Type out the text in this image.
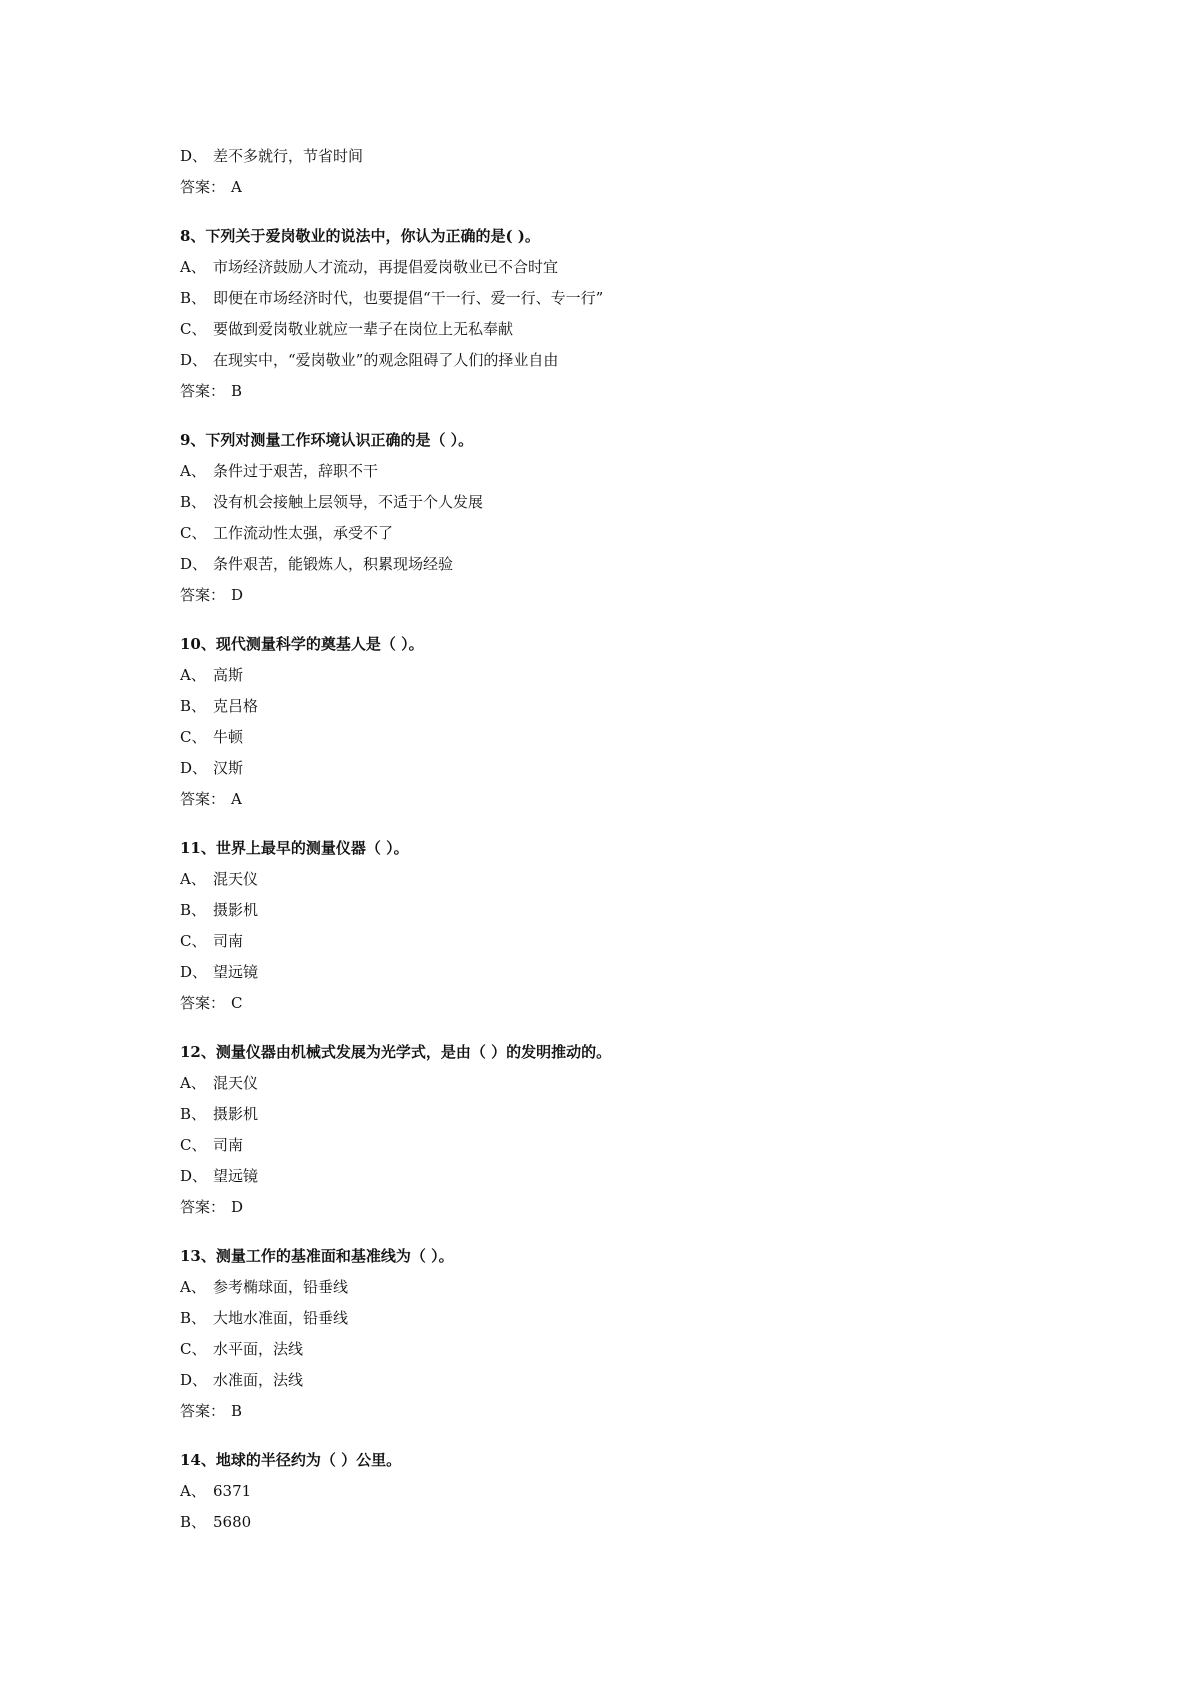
D、 差不多就行，节省时间
答案： A
8、下列关于爱岗敬业的说法中，你认为正确的是( )。
A、 市场经济鼓励人才流动，再提倡爱岗敬业已不合时宜
B、 即便在市场经济时代，也要提倡“干一行、爱一行、专一行”
C、 要做到爱岗敬业就应一辈子在岗位上无私奉献
D、 在现实中，“爱岗敬业”的观念阻碍了人们的择业自由
答案： B
9、下列对测量工作环境认识正确的是（ ）。
A、 条件过于艰苦，辞职不干
B、 没有机会接触上层领导，不适于个人发展
C、 工作流动性太强，承受不了
D、 条件艰苦，能锻炼人，积累现场经验
答案： D
10、现代测量科学的奠基人是（ ）。
A、 高斯
B、 克吕格
C、 牛顿
D、 汉斯
答案： A
11、世界上最早的测量仪器（ ）。
A、 混天仪
B、 摄影机
C、 司南
D、 望远镜
答案： C
12、测量仪器由机械式发展为光学式，是由（ ）的发明推动的。
A、 混天仪
B、 摄影机
C、 司南
D、 望远镜
答案： D
13、测量工作的基准面和基准线为（ ）。
A、 参考椭球面，铅垂线
B、 大地水准面，铅垂线
C、 水平面，法线
D、 水准面，法线
答案： B
14、地球的半径约为（ ）公里。
A、 6371
B、 5680
